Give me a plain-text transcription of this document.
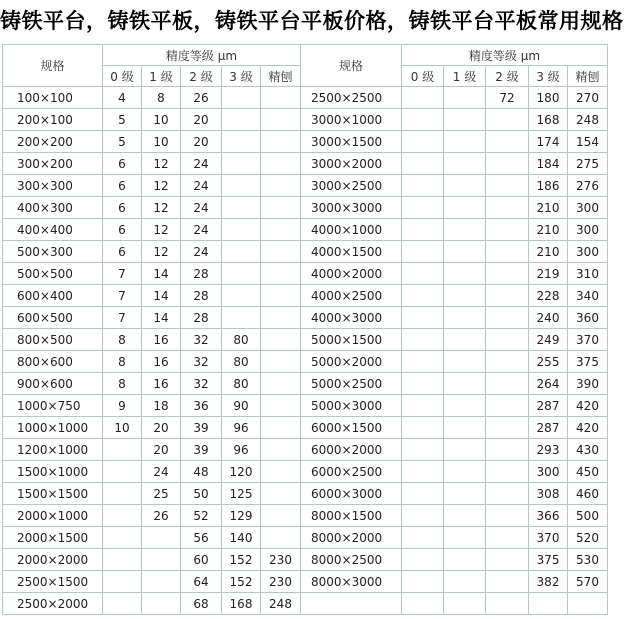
铸铁平台，铸铁平板，铸铁平台平板价格，铸铁平台平板常用规格
规格	精度等级 μm					规格	精度等级 μm				
	0 级	1 级	2 级	3 级	精刨		0 级	1 级	2 级	3 级	精刨
100×100	4	8	26			2500×2500			72	180	270
200×100	5	10	20			3000×1000				168	248
200×200	5	10	20			3000×1500				174	154
300×200	6	12	24			3000×2000				184	275
300×300	6	12	24			3000×2500				186	276
400×300	6	12	24			3000×3000				210	300
400×400	6	12	24			4000×1000				210	300
500×300	6	12	24			4000×1500				210	300
500×500	7	14	28			4000×2000				219	310
600×400	7	14	28			4000×2500				228	340
600×500	7	14	28			4000×3000				240	360
800×500	8	16	32	80		5000×1500				249	370
800×600	8	16	32	80		5000×2000				255	375
900×600	8	16	32	80		5000×2500				264	390
1000×750	9	18	36	90		5000×3000				287	420
1000×1000	10	20	39	96		6000×1500				287	420
1200×1000		20	39	96		6000×2000				293	430
1500×1000		24	48	120		6000×2500				300	450
1500×1500		25	50	125		6000×3000				308	460
2000×1000		26	52	129		8000×1500				366	500
2000×1500			56	140		8000×2000				370	520
2000×2000			60	152	230	8000×2500				375	530
2500×1500			64	152	230	8000×3000				382	570
2500×2000			68	168	248						
